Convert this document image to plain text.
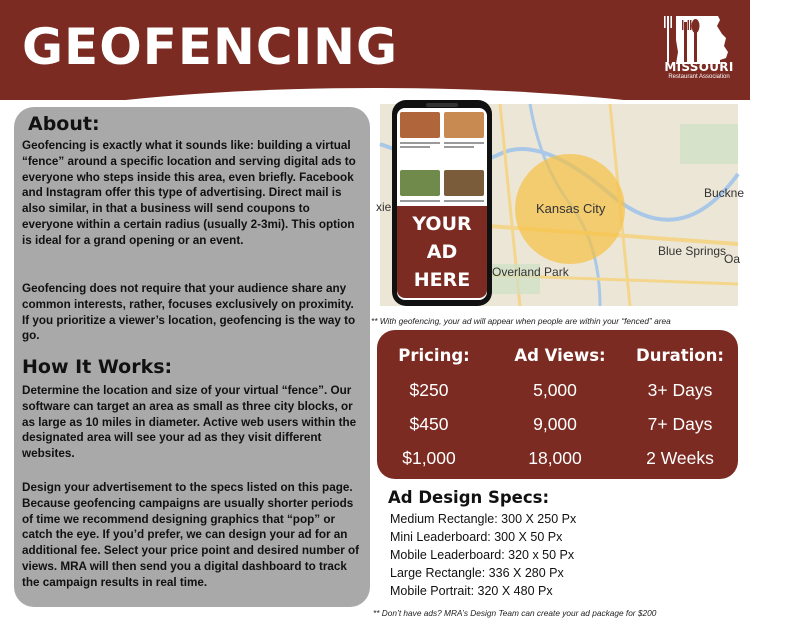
GEOFENCING	MISSOURI
Restaurant Association
About:
Geofencing is exactly what it sounds like: building a virtual “fence” around a specific location and serving digital ads to everyone who steps inside this area, even briefly. Facebook and Instagram offer this type of advertising. Direct mail is also similar, in that a business will send coupons to everyone within a certain radius (usually 2-3mi). This option is ideal for a grand opening or an event.
Geofencing does not require that your audience share any common interests, rather, focuses exclusively on proximity. If you prioritize a viewer’s location, geofencing is the way to go.
How It Works:
Determine the location and size of your virtual “fence”. Our software can target an area as small as three city blocks, or as large as 10 miles in diameter. Active web users within the designated area will see your ad as they visit different websites.
Design your advertisement to the specs listed on this page. Because geofencing campaigns are usually shorter periods of time we recommend designing graphics that “pop” or catch the eye. If you’d prefer, we can design your ad for an additional fee. Select your price point and desired number of views. MRA will then send you a digital dashboard to track the campaign results in real time.
Kansas City
Buckne
Blue Springs
Overland Park
xie
Oa
YOUR
AD
HERE
** With geofencing, your ad will appear when people are within your “fenced” area
Pricing:	Ad Views:	Duration:
$250	5,000	3+ Days
$450	9,000	7+ Days
$1,000	18,000	2 Weeks
Ad Design Specs:
Medium Rectangle: 300 X 250 Px
Mini Leaderboard: 300 X 50 Px
Mobile Leaderboard: 320 x 50 Px
Large Rectangle: 336 X 280 Px
Mobile Portrait: 320 X 480 Px
** Don’t have ads? MRA’s Design Team can create your ad package for $200
